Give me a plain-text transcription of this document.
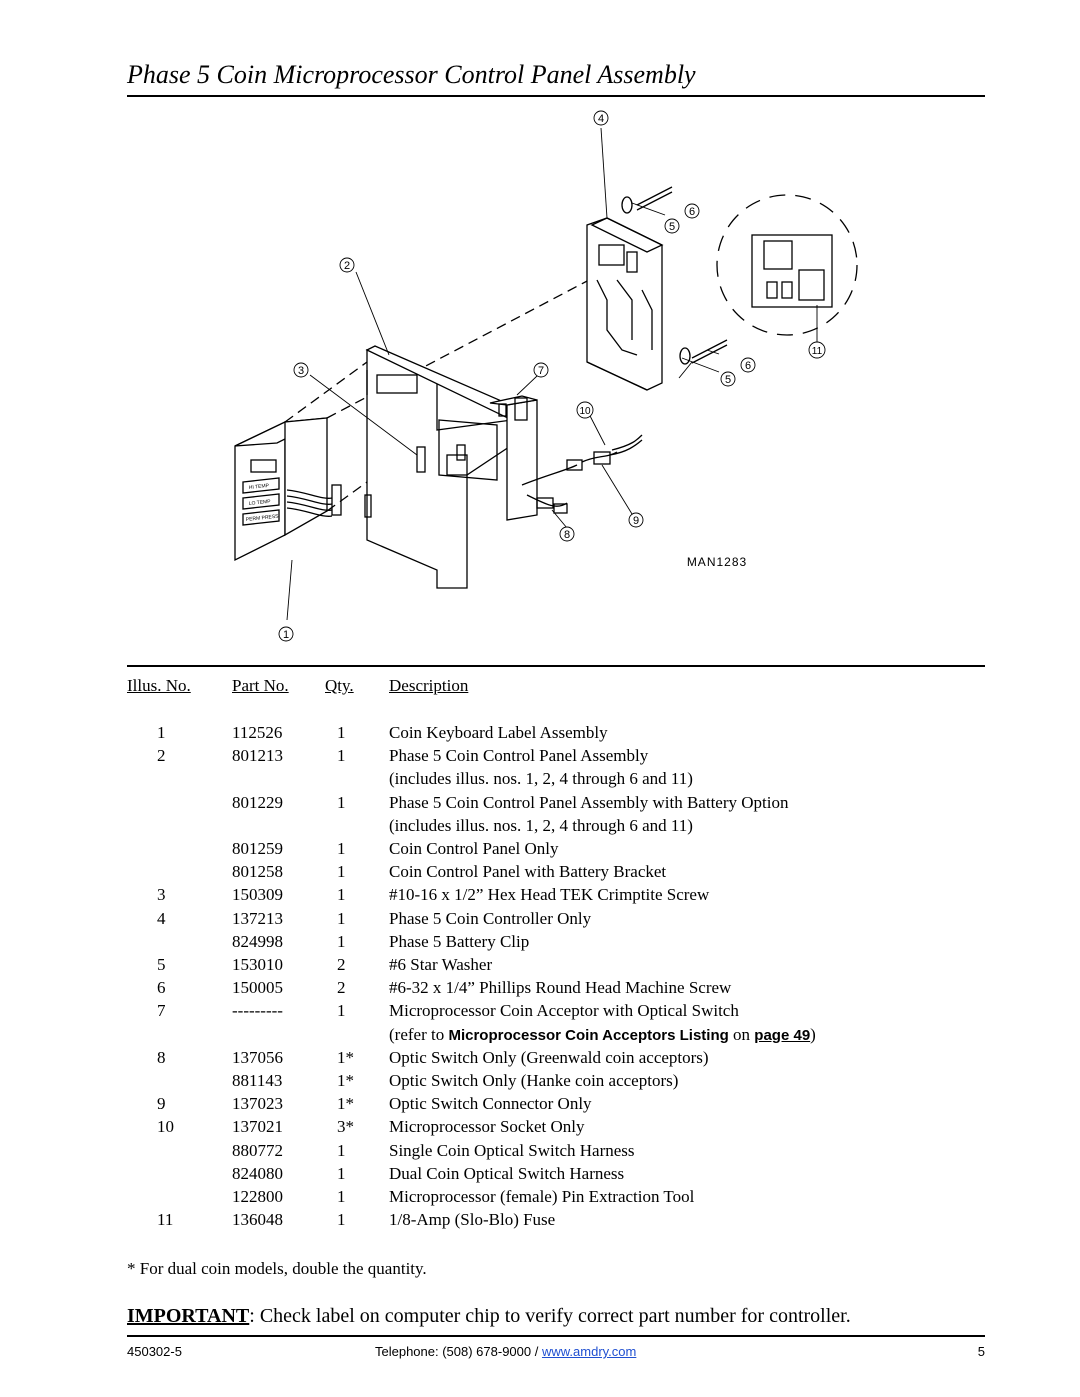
Phase 5 Coin Microprocessor Control Panel Assembly
1
2
3
4
5
5
6
6
7
8
9
10
11
MAN1283
HI TEMP
LO TEMP
PERM PRESS
Illus. No. Part No. Qty. Description
1	112526	1	Coin Keyboard Label Assembly
2	801213	1	Phase 5 Coin Control Panel Assembly
(includes illus. nos. 1, 2, 4 through 6 and 11)
801229	1	Phase 5 Coin Control Panel Assembly with Battery Option
(includes illus. nos. 1, 2, 4 through 6 and 11)
801259	1	Coin Control Panel Only
801258	1	Coin Control Panel with Battery Bracket
3	150309	1	#10-16 x 1/2” Hex Head TEK Crimptite Screw
4	137213	1	Phase 5 Coin Controller Only
824998	1	Phase 5 Battery Clip
5	153010	2	#6 Star Washer
6	150005	2	#6-32 x 1/4” Phillips Round Head Machine Screw
7	---------	1	Microprocessor Coin Acceptor with Optical Switch
(refer to Microprocessor Coin Acceptors Listing on page 49)
8	137056	1* Optic Switch Only (Greenwald coin acceptors)
881143	1* Optic Switch Only (Hanke coin acceptors)
9	137023	1* Optic Switch Connector Only
10	137021	3* Microprocessor Socket Only
880772	1	Single Coin Optical Switch Harness
824080	1	Dual Coin Optical Switch Harness
122800	1	Microprocessor (female) Pin Extraction Tool
11	136048	1	1/8-Amp (Slo-Blo) Fuse
* For dual coin models, double the quantity.
IMPORTANT: Check label on computer chip to verify correct part number for controller.
450302-5	Telephone: (508) 678-9000 / www.amdry.com	5
